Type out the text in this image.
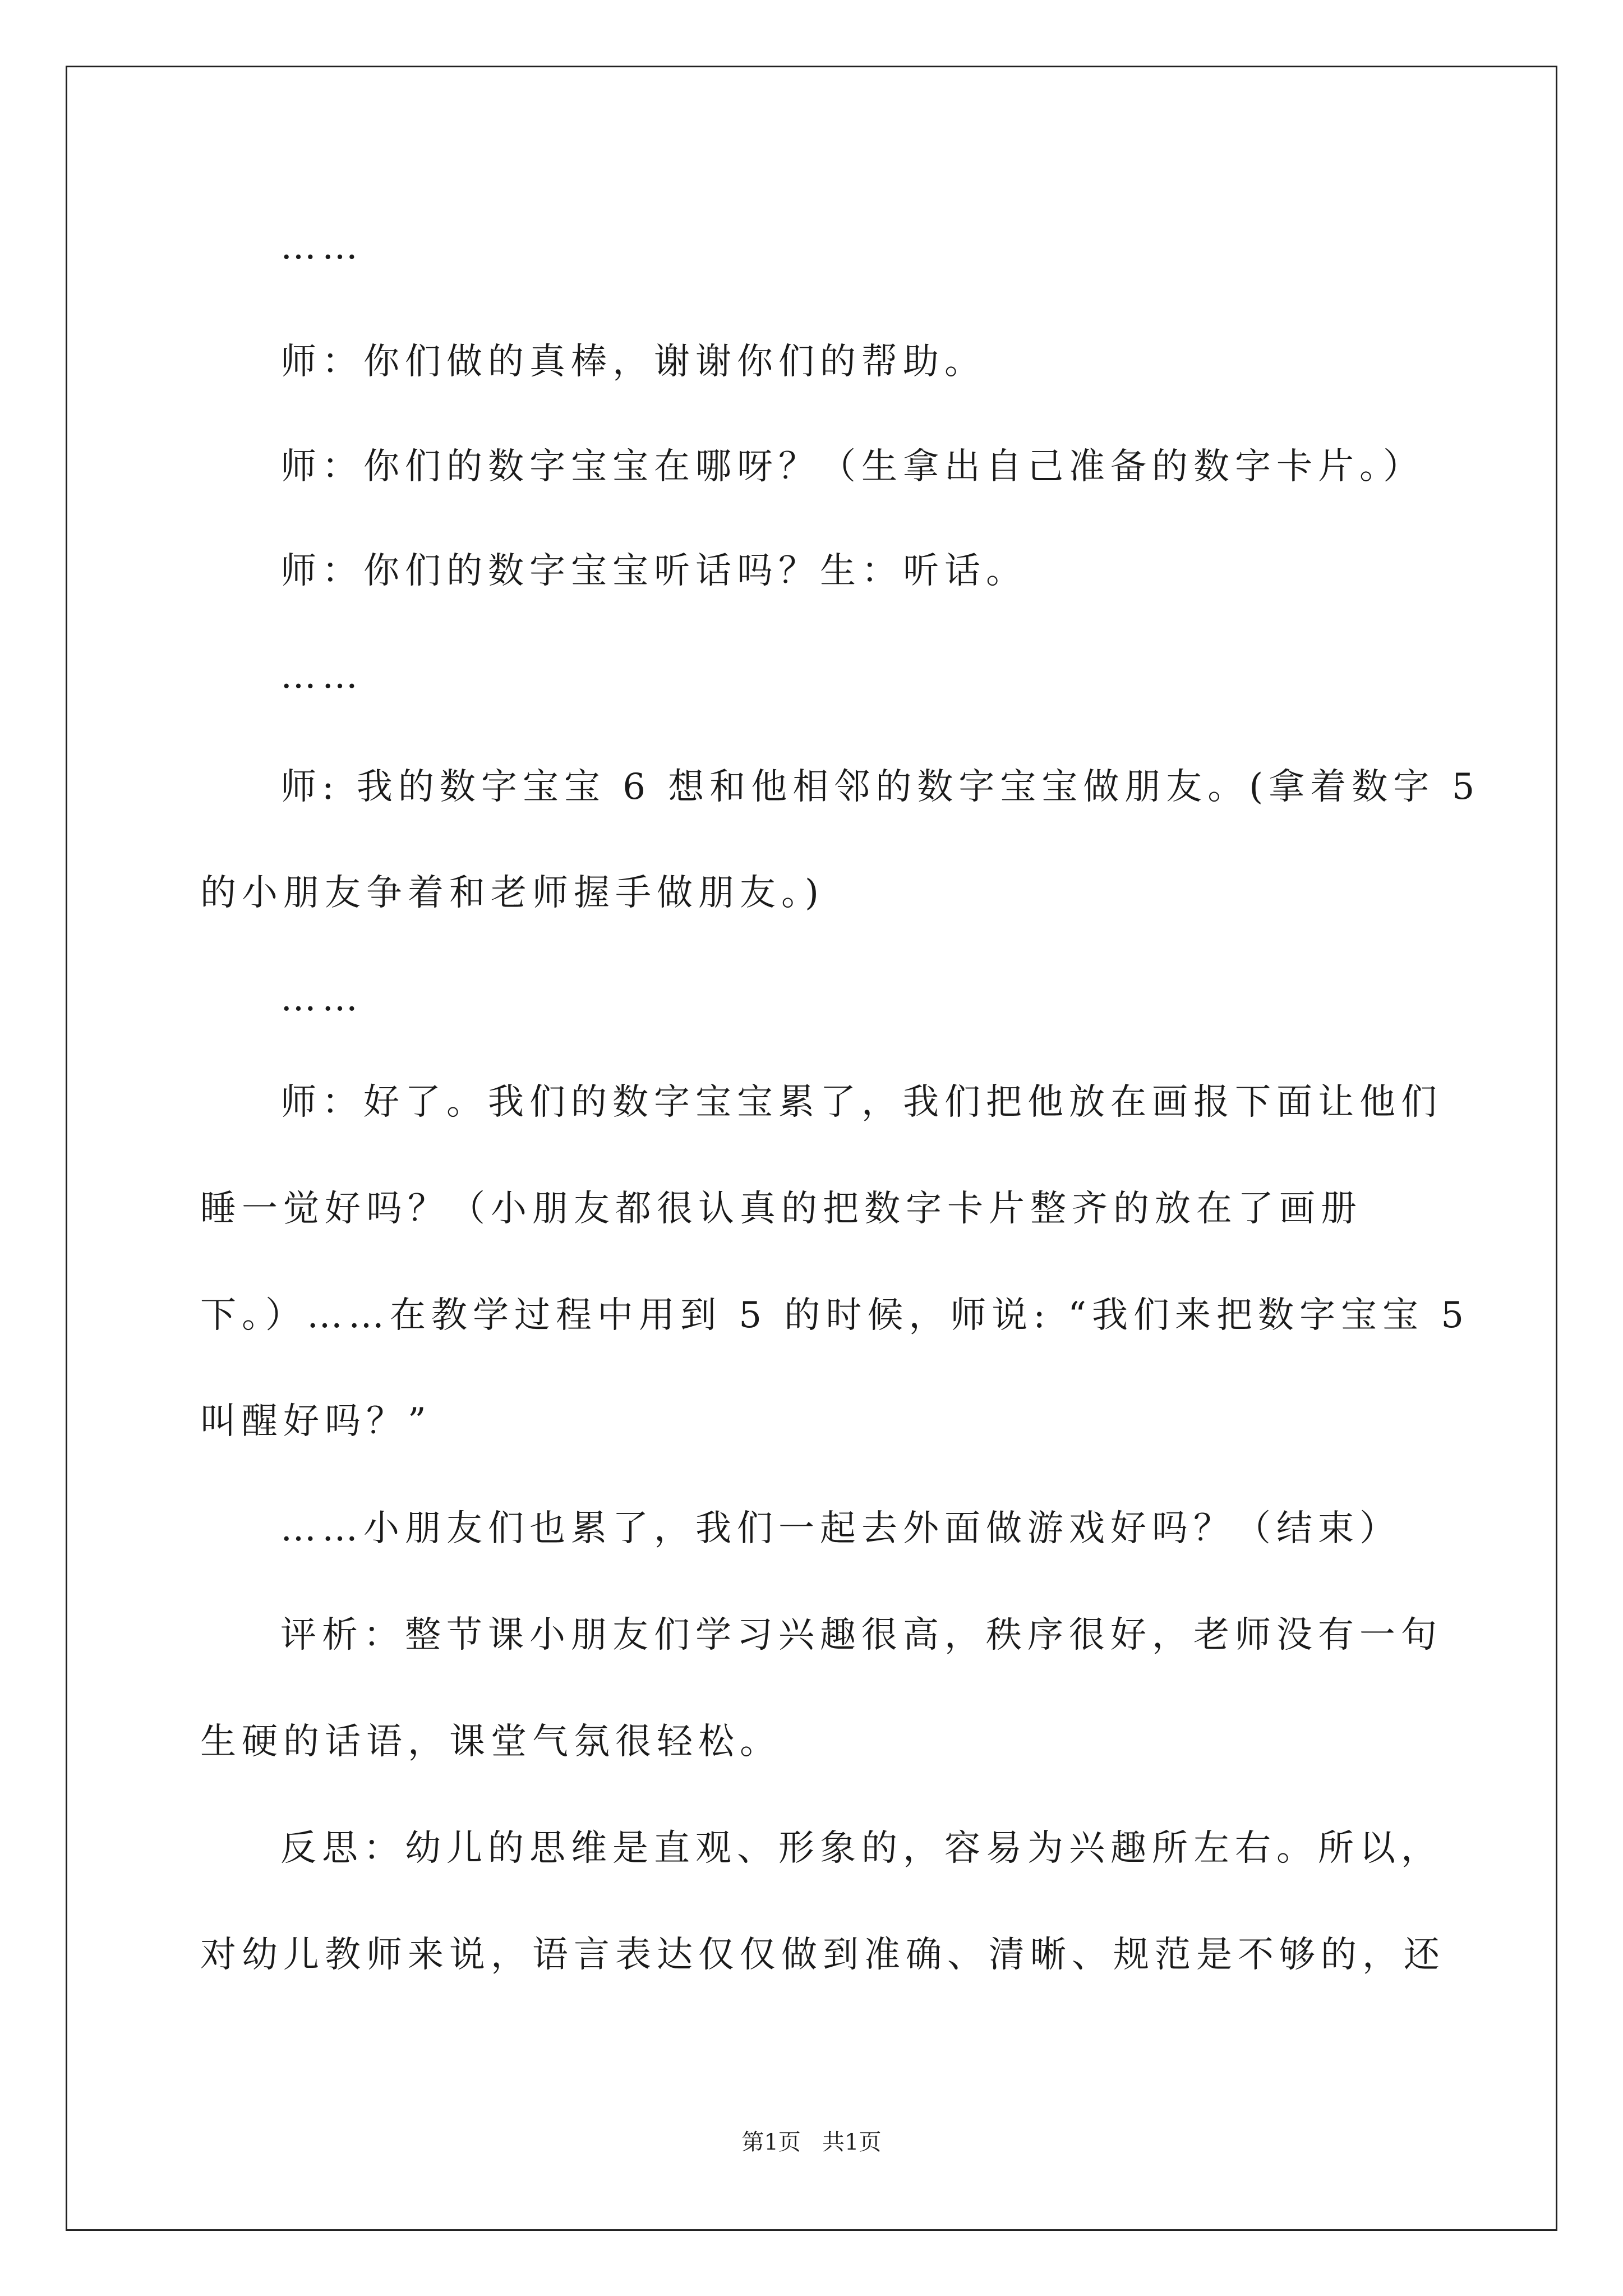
……
师：你们做的真棒，谢谢你们的帮助。
师：你们的数字宝宝在哪呀？（生拿出自己准备的数字卡片。）
师：你们的数字宝宝听话吗？生：听话。
……
师: 我的数字宝宝 6 想和他相邻的数字宝宝做朋友。(拿着数字 5
的小朋友争着和老师握手做朋友。)
……
师：好了。我们的数字宝宝累了，我们把他放在画报下面让他们
睡一觉好吗？（小朋友都很认真的把数字卡片整齐的放在了画册
下。）……在教学过程中用到 5 的时候，师说: “我们来把数字宝宝 5
叫醒好吗？”
……小朋友们也累了，我们一起去外面做游戏好吗？（结束）
评析：整节课小朋友们学习兴趣很高，秩序很好，老师没有一句
生硬的话语，课堂气氛很轻松。
反思：幼儿的思维是直观、形象的，容易为兴趣所左右。所以，
对幼儿教师来说，语言表达仅仅做到准确、清晰、规范是不够的，还
第1页   共1页
